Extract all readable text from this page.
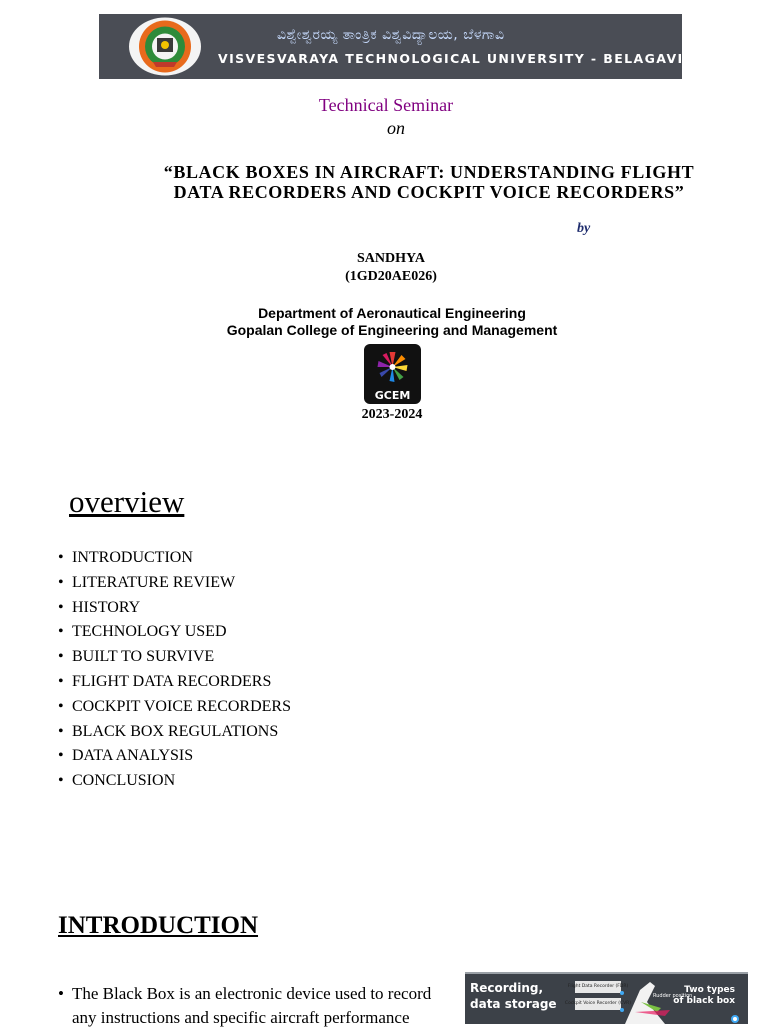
ವಿಶ್ವೇಶ್ವರಯ್ಯ ತಾಂತ್ರಿಕ ವಿಶ್ವವಿದ್ಯಾಲಯ, ಬೆಳಗಾವಿ
VISVESVARAYA TECHNOLOGICAL UNIVERSITY - BELAGAVI
Technical Seminar
on
“BLACK BOXES IN AIRCRAFT: UNDERSTANDING FLIGHT
DATA RECORDERS AND COCKPIT VOICE RECORDERS”
by
SANDHYA
(1GD20AE026)
Department of Aeronautical Engineering
Gopalan College of Engineering and Management
GCEM
2023-2024
overview
• INTRODUCTION
• LITERATURE REVIEW
• HISTORY
• TECHNOLOGY USED
• BUILT TO SURVIVE
• FLIGHT DATA RECORDERS
• COCKPIT VOICE RECORDERS
• BLACK BOX REGULATIONS
• DATA ANALYSIS
• CONCLUSION
INTRODUCTION
• The Black Box is an electronic device used to record
any instructions and specific aircraft performance
Recording,
data storage
Flight Data Recorder (FDR)
Cockpit Voice Recorder (CVR)
Rudder position
Two types
of black box
